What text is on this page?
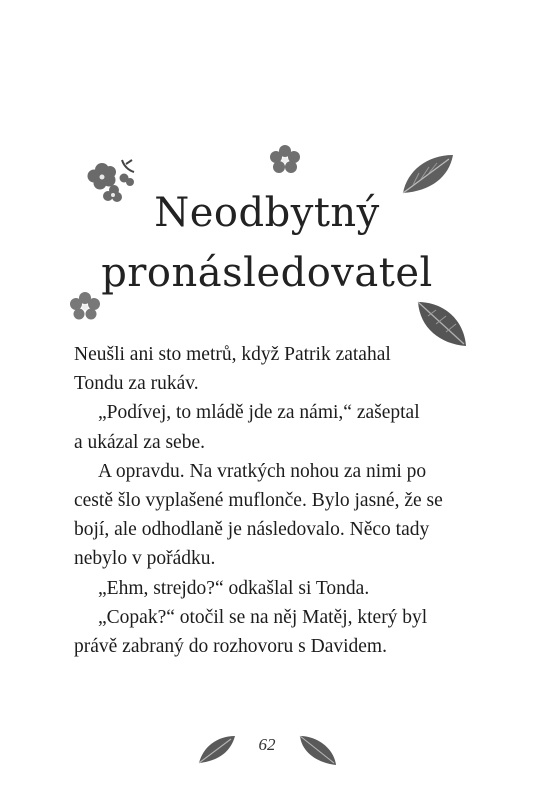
Neodbytný
pronásledovatel
Neušli ani sto metrů, když Patrik zatahal
Tondu za rukáv.
„Podívej, to mládě jde za námi,“ zašeptal
a ukázal za sebe.
A opravdu. Na vratkých nohou za nimi po
cestě šlo vyplašené muflonče. Bylo jasné, že se
bojí, ale odhodlaně je následovalo. Něco tady
nebylo v pořádku.
„Ehm, strejdo?“ odkašlal si Tonda.
„Copak?“ otočil se na něj Matěj, který byl
právě zabraný do rozhovoru s Davidem.
62
